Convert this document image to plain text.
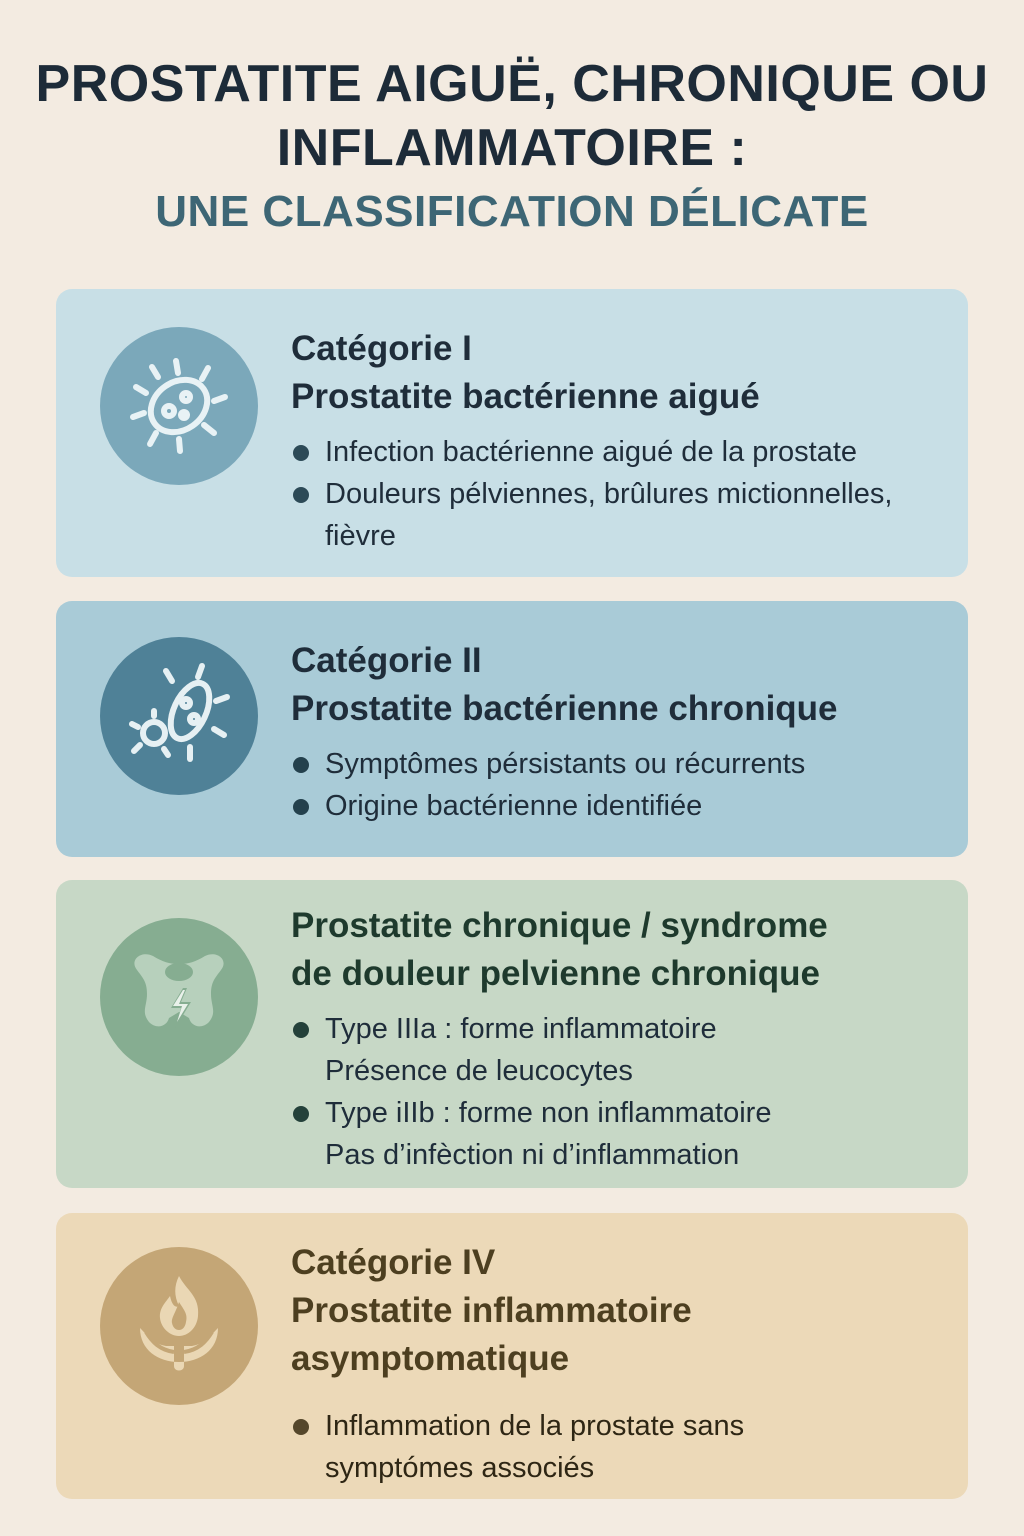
PROSTATITE AIGUË, CHRONIQUE OU
INFLAMMATOIRE :
UNE CLASSIFICATION DÉLICATE
Catégorie I
Prostatite bactérienne aigué
Infection bactérienne aigué de la prostate
Douleurs pélviennes, brûlures mictionnelles,
fièvre
Catégorie II
Prostatite bactérienne chronique
Symptômes pérsistants ou récurrents
Origine bactérienne identifiée
Prostatite chronique / syndrome
de douleur pelvienne chronique
Type IIIa : forme inflammatoire
Présence de leucocytes
Type iIIb : forme non inflammatoire
Pas d’infèction ni d’inflammation
Catégorie IV
Prostatite inflammatoire
asymptomatique
Inflammation de la prostate sans
symptómes associés
